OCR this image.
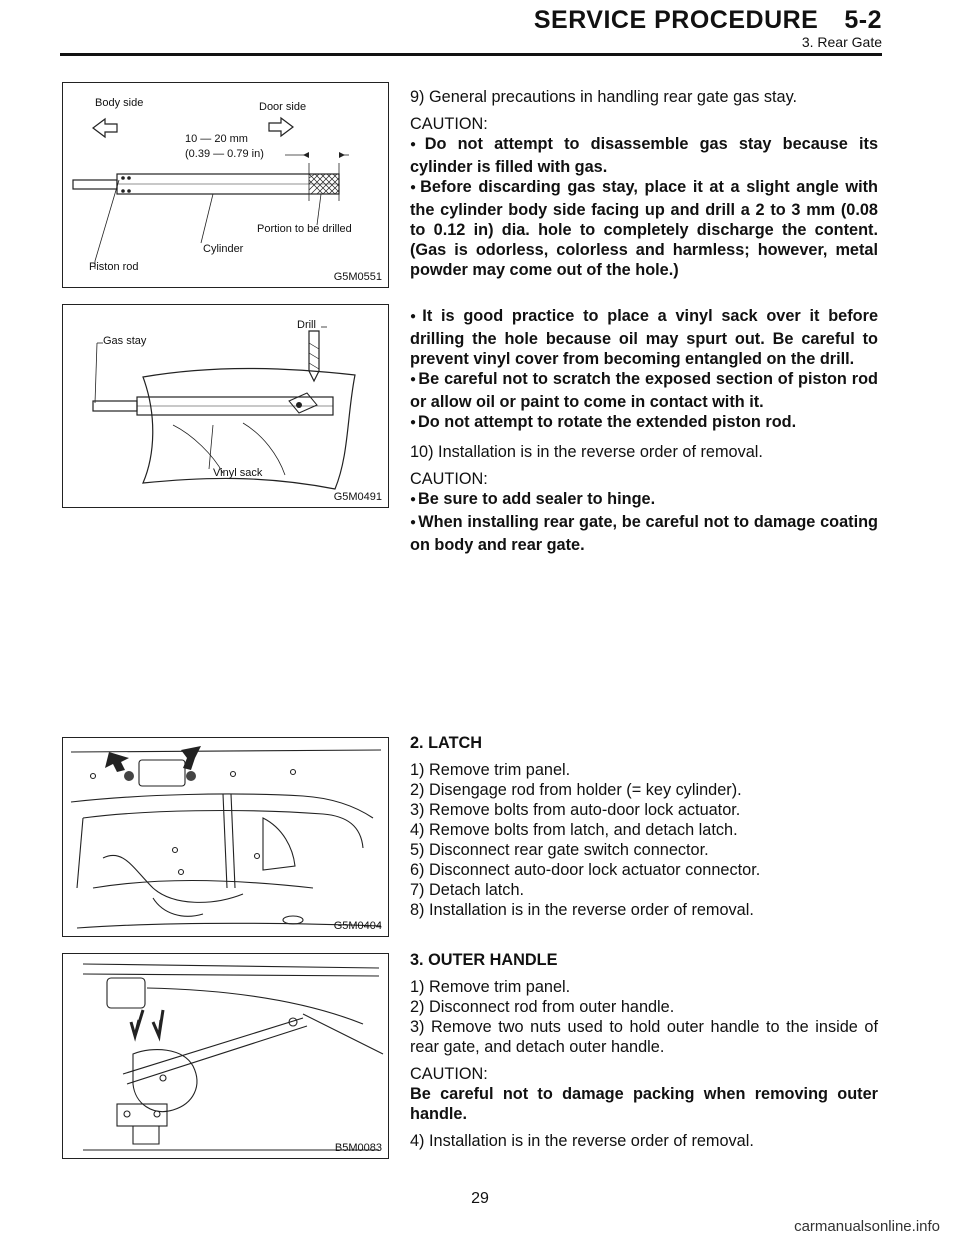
SERVICE PROCEDURE 5-2
3. Rear Gate
Body side	Door side
10 — 20 mm
(0.39 — 0.79 in)
Portion to be drilled
Cylinder
Piston rod
G5M0551
Drill
Gas stay
Vinyl sack
G5M0491
G5M0404
B5M0083

9) General precautions in handling rear gate gas stay.

CAUTION:

● Do not attempt to disassemble gas stay because its cylinder is filled with gas.

● Before discarding gas stay, place it at a slight angle with the cylinder body side facing up and drill a 2 to 3 mm (0.08 to 0.12 in) dia. hole to completely discharge the content. (Gas is odorless, colorless and harmless; however, metal powder may come out of the hole.)

● It is good practice to place a vinyl sack over it before drilling the hole because oil may spurt out. Be careful to prevent vinyl cover from becoming entangled on the drill.

● Be careful not to scratch the exposed section of piston rod or allow oil or paint to come in contact with it.

● Do not attempt to rotate the extended piston rod.

10) Installation is in the reverse order of removal.

CAUTION:

● Be sure to add sealer to hinge.

● When installing rear gate, be careful not to damage coating on body and rear gate.

2. LATCH

1) Remove trim panel.

2) Disengage rod from holder (= key cylinder).

3) Remove bolts from auto-door lock actuator.

4) Remove bolts from latch, and detach latch.

5) Disconnect rear gate switch connector.

6) Disconnect auto-door lock actuator connector.

7) Detach latch.

8) Installation is in the reverse order of removal.

3. OUTER HANDLE

1) Remove trim panel.

2) Disconnect rod from outer handle.

3) Remove two nuts used to hold outer handle to the inside of rear gate, and detach outer handle.

CAUTION:

Be careful not to damage packing when removing outer handle.

4) Installation is in the reverse order of removal.

29
carmanualsonline.info
